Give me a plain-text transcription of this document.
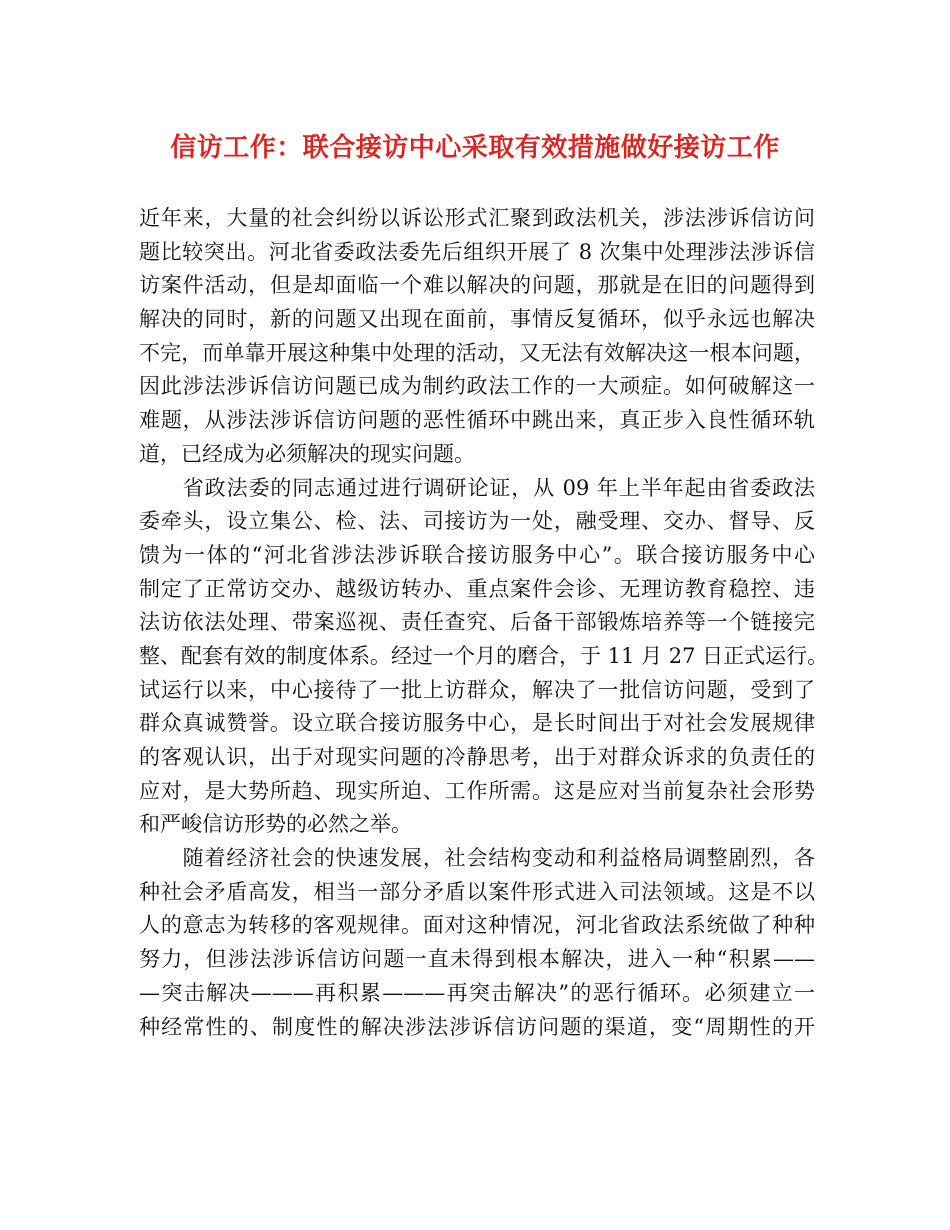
信访工作：联合接访中心采取有效措施做好接访工作
近年来，大量的社会纠纷以诉讼形式汇聚到政法机关，涉法涉诉信访问
题比较突出。河北省委政法委先后组织开展了 8 次集中处理涉法涉诉信
访案件活动，但是却面临一个难以解决的问题，那就是在旧的问题得到
解决的同时，新的问题又出现在面前，事情反复循环，似乎永远也解决
不完，而单靠开展这种集中处理的活动，又无法有效解决这一根本问题，
因此涉法涉诉信访问题已成为制约政法工作的一大顽症。如何破解这一
难题，从涉法涉诉信访问题的恶性循环中跳出来，真正步入良性循环轨
道，已经成为必须解决的现实问题。
　　省政法委的同志通过进行调研论证，从 09 年上半年起由省委政法
委牵头，设立集公、检、法、司接访为一处，融受理、交办、督导、反
馈为一体的“河北省涉法涉诉联合接访服务中心”。联合接访服务中心
制定了正常访交办、越级访转办、重点案件会诊、无理访教育稳控、违
法访依法处理、带案巡视、责任查究、后备干部锻炼培养等一个链接完
整、配套有效的制度体系。经过一个月的磨合，于 11 月 27 日正式运行。
试运行以来，中心接待了一批上访群众，解决了一批信访问题，受到了
群众真诚赞誉。设立联合接访服务中心，是长时间出于对社会发展规律
的客观认识，出于对现实问题的冷静思考，出于对群众诉求的负责任的
应对，是大势所趋、现实所迫、工作所需。这是应对当前复杂社会形势
和严峻信访形势的必然之举。
　　随着经济社会的快速发展，社会结构变动和利益格局调整剧烈，各
种社会矛盾高发，相当一部分矛盾以案件形式进入司法领域。这是不以
人的意志为转移的客观规律。面对这种情况，河北省政法系统做了种种
努力，但涉法涉诉信访问题一直未得到根本解决，进入一种“积累——
—突击解决———再积累———再突击解决”的恶行循环。必须建立一
种经常性的、制度性的解决涉法涉诉信访问题的渠道，变“周期性的开
